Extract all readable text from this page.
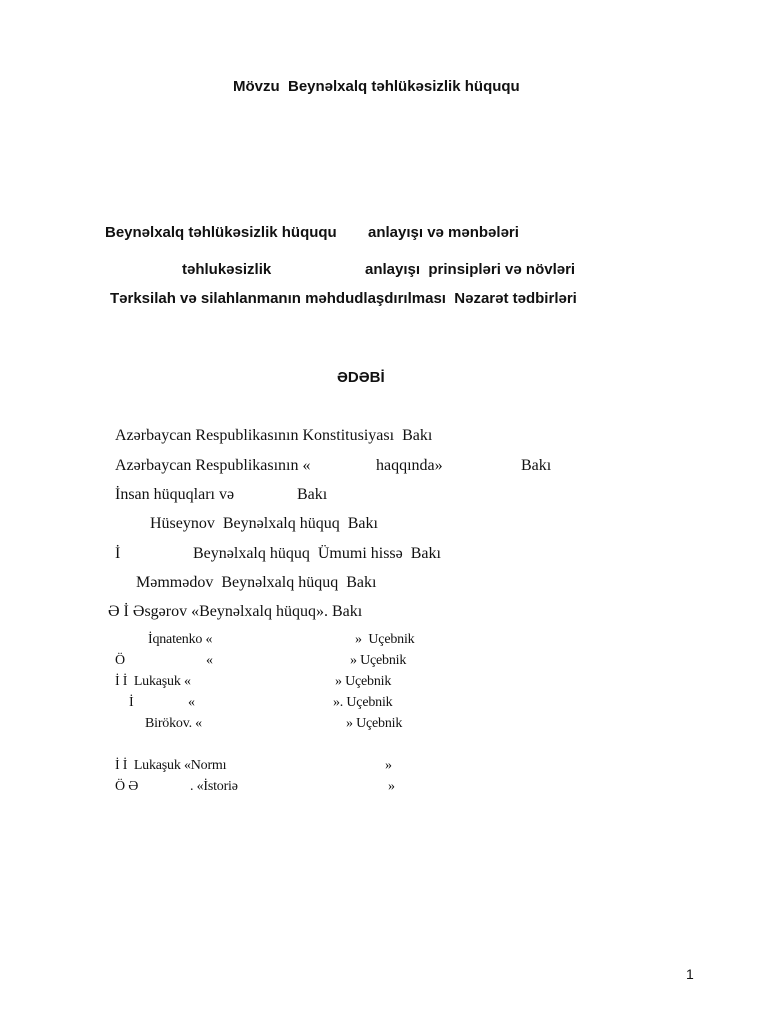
Mövzu  Beynəlxalq təhlükəsizlik hüququ
Beynəlxalq təhlükəsizlik hüququ anlayışı və mənbələri
təhlukəsizlik	anlayışı  prinsipləri və növləri
Tərksilah və silahlanmanın məhdudlaşdırılması  Nəzarət tədbirləri
ƏDƏBİ
Azərbaycan Respublikasının Konstitusiyası  Bakı
Azərbaycan Respublikasının «	haqqında»	Bakı
İnsan hüquqları və	Bakı
Hüseynov  Beynəlxalq hüquq  Bakı
İ	Beynəlxalq hüquq  Ümumi hissə  Bakı
Məmmədov  Beynəlxalq hüquq  Bakı
Ə İ Əsgərov «Beynəlxalq hüquq». Bakı
İqnatenko «	»  Uçebnik
Ö	«	» Uçebnik
İ İ  Lukaşuk «	» Uçebnik
İ	«	». Uçebnik
Birökov. «	» Uçebnik
İ İ  Lukaşuk «Normı	»
Ö Ə	. «İstoriə	»
1
